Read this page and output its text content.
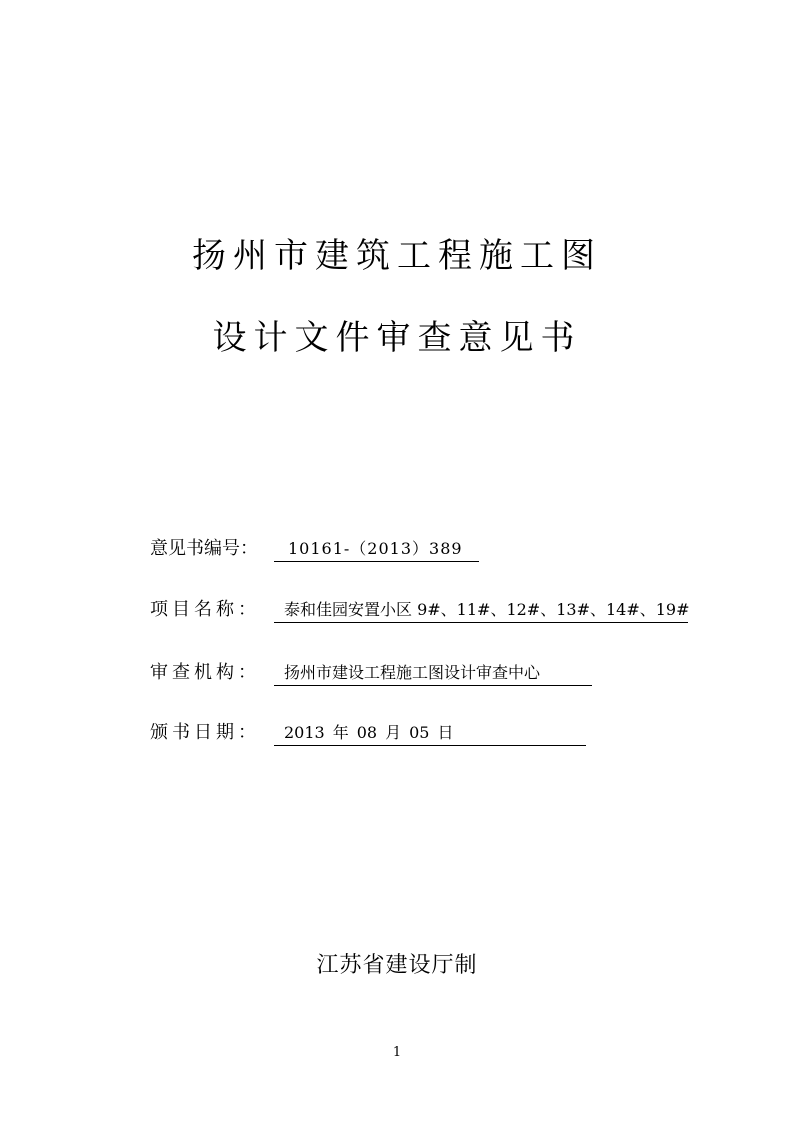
扬州市建筑工程施工图
设计文件审查意见书
意见书编号：	10161-（2013）389
项目名称：	泰和佳园安置小区 9#、11#、12#、13#、14#、19#
审查机构：	扬州市建设工程施工图设计审查中心
颁书日期：	2013 年 08 月 05 日
江苏省建设厅制
1
